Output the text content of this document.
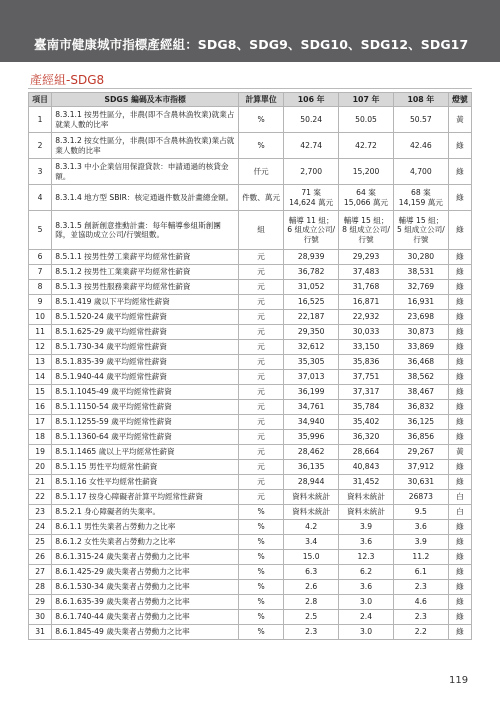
臺南市健康城市指標產經組：SDG8、SDG9、SDG10、SDG12、SDG17
產經組-SDG8
項目	SDGS 編碼及本市指標	計算單位	106 年	107 年	108 年	燈號
1	8.3.1.1 按男性區分，非農(即不含農林漁牧業)就業占就業人數的比率	%	50.24	50.05	50.57	黃
2	8.3.1.2 按女性區分，非農(即不含農林漁牧業)業占就業人數的比率	%	42.74	42.72	42.46	綠
3	8.3.1.3 中小企業信用保證貸款：申請通過的核貸金額。	仟元	2,700	15,200	4,700	綠
4	8.3.1.4 地方型 SBIR：核定通過件數及計畫總金額。	件數、萬元	71 案 14,624 萬元	64 案 15,066 萬元	68 案 14,159 萬元	綠
5	8.3.1.5 創新創意推動計畫：每年輔導參組斯創團隊，並協助成立公司/行號組數。	組	輔導 11 組；6 組成立公司/行號	輔導 15 組；8 組成立公司/行號	輔導 15 組；5 組成立公司/行號	綠
6	8.5.1.1 按男性勞工業薪平均經常性薪資	元	28,939	29,293	30,280	綠
7	8.5.1.2 按男性工業業薪平均經常性薪資	元	36,782	37,483	38,531	綠
8	8.5.1.3 按男性服務業薪平均經常性薪資	元	31,052	31,768	32,769	綠
9	8.5.1.419 歲以下平均經常性薪資	元	16,525	16,871	16,931	綠
10	8.5.1.520-24 歲平均經常性薪資	元	22,187	22,932	23,698	綠
11	8.5.1.625-29 歲平均經常性薪資	元	29,350	30,033	30,873	綠
12	8.5.1.730-34 歲平均經常性薪資	元	32,612	33,150	33,869	綠
13	8.5.1.835-39 歲平均經常性薪資	元	35,305	35,836	36,468	綠
14	8.5.1.940-44 歲平均經常性薪資	元	37,013	37,751	38,562	綠
15	8.5.1.1045-49 歲平均經常性薪資	元	36,199	37,317	38,467	綠
16	8.5.1.1150-54 歲平均經常性薪資	元	34,761	35,784	36,832	綠
17	8.5.1.1255-59 歲平均經常性薪資	元	34,940	35,402	36,125	綠
18	8.5.1.1360-64 歲平均經常性薪資	元	35,996	36,320	36,856	綠
19	8.5.1.1465 歲以上平均經常性薪資	元	28,462	28,664	29,267	黃
20	8.5.1.15 男性平均經常性薪資	元	36,135	40,843	37,912	綠
21	8.5.1.16 女性平均經常性薪資	元	28,944	31,452	30,631	綠
22	8.5.1.17 按身心障礙者計算平均經常性薪資	元	資料未統計	資料未統計	26873	白
23	8.5.2.1 身心障礙者的失業率。	%	資料未統計	資料未統計	9.5	白
24	8.6.1.1 男性失業者占勞動力之比率	%	4.2	3.9	3.6	綠
25	8.6.1.2 女性失業者占勞動力之比率	%	3.4	3.6	3.9	綠
26	8.6.1.315-24 歲失業者占勞動力之比率	%	15.0	12.3	11.2	綠
27	8.6.1.425-29 歲失業者占勞動力之比率	%	6.3	6.2	6.1	綠
28	8.6.1.530-34 歲失業者占勞動力之比率	%	2.6	3.6	2.3	綠
29	8.6.1.635-39 歲失業者占勞動力之比率	%	2.8	3.0	4.6	綠
30	8.6.1.740-44 歲失業者占勞動力之比率	%	2.5	2.4	2.3	綠
31	8.6.1.845-49 歲失業者占勞動力之比率	%	2.3	3.0	2.2	綠
119
